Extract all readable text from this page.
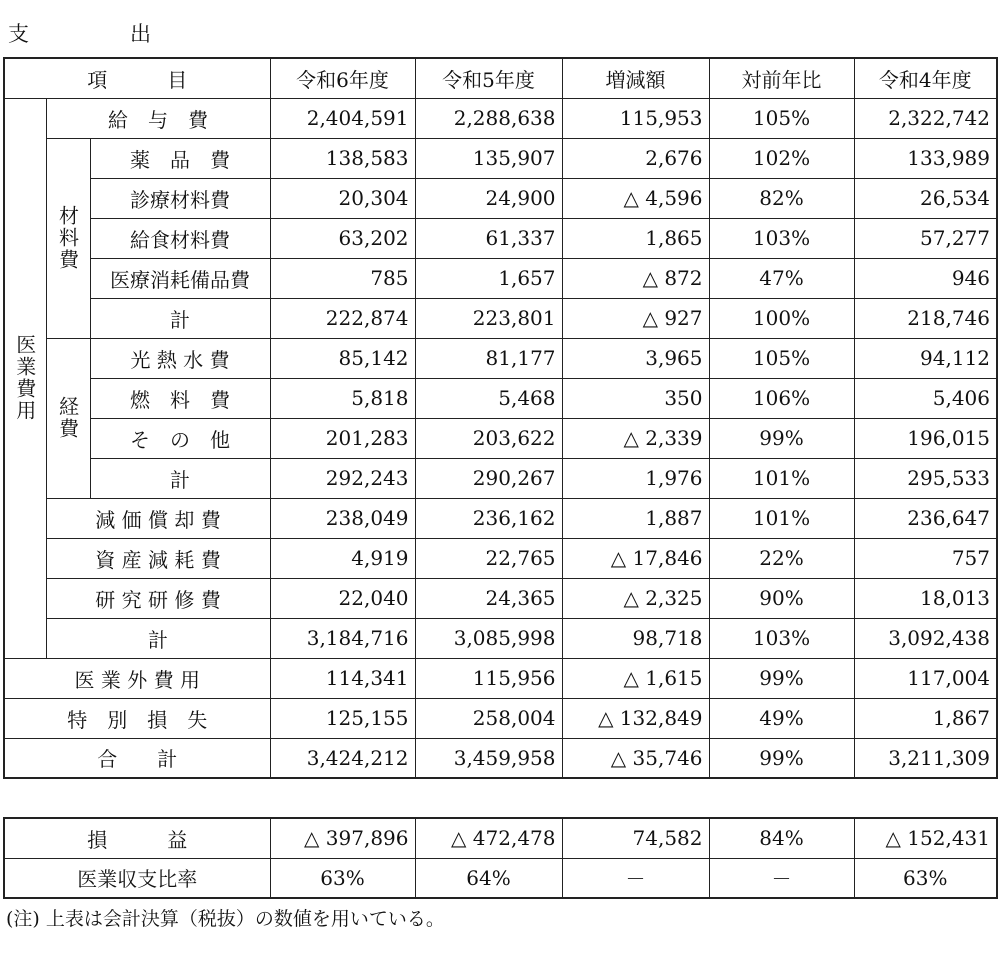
支　出
項　　　目			令和6年度	令和5年度	増減額	対前年比	令和4年度
医業費用	給　与　費		2,404,591	2,288,638	115,953	105%	2,322,742
	材料費	薬　品　費	138,583	135,907	2,676	102%	133,989
		診療材料費	20,304	24,900	△ 4,596	82%	26,534
		給食材料費	63,202	61,337	1,865	103%	57,277
		医療消耗備品費	785	1,657	△ 872	47%	946
		計	222,874	223,801	△ 927	100%	218,746
	経費	光 熱 水 費	85,142	81,177	3,965	105%	94,112
		燃　料　費	5,818	5,468	350	106%	5,406
		そ　の　他	201,283	203,622	△ 2,339	99%	196,015
		計	292,243	290,267	1,976	101%	295,533
	減 価 償 却 費		238,049	236,162	1,887	101%	236,647
	資 産 減 耗 費		4,919	22,765	△ 17,846	22%	757
	研 究 研 修 費		22,040	24,365	△ 2,325	90%	18,013
	計		3,184,716	3,085,998	98,718	103%	3,092,438
医 業 外 費 用			114,341	115,956	△ 1,615	99%	117,004
特　別　損　失			125,155	258,004	△ 132,849	49%	1,867
合　　計			3,424,212	3,459,958	△ 35,746	99%	3,211,309
損　　　益	△ 397,896	△ 472,478	74,582	84%	△ 152,431
医業収支比率	63%	64%	－	－	63%
(注) 上表は会計決算（税抜）の数値を用いている。
